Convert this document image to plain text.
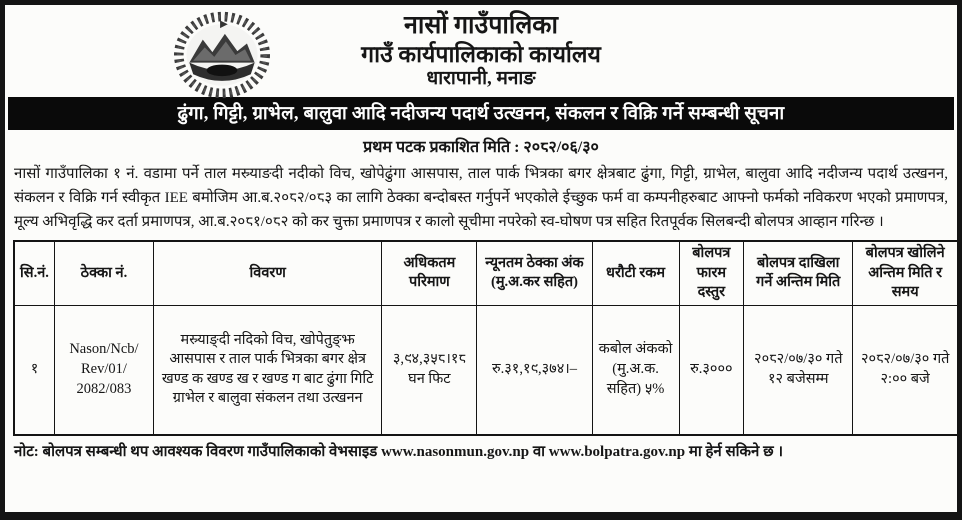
नासों गाउँपालिका
गाउँ कार्यपालिकाको कार्यालय
धारापानी, मनाङ
ढुंगा, गिट्टी, ग्राभेल, बालुवा आदि नदीजन्य पदार्थ उत्खनन, संकलन र विक्रि गर्ने सम्बन्धी सूचना
प्रथम पटक प्रकाशित मिति : २०८२/०६/३०
नासों गाउँपालिका १ नं. वडामा पर्ने ताल मस्र्याङदी नदीको विच, खोपेढुंगा आसपास, ताल पार्क भित्रका बगर क्षेत्रबाट ढुंगा, गिट्टी, ग्राभेल, बालुवा आदि नदीजन्य पदार्थ उत्खनन, संकलन र विक्रि गर्न स्वीकृत IEE बमोजिम आ.ब.२०८२/०८३ का लागि ठेक्का बन्दोबस्त गर्नुपर्ने भएकोले ईच्छुक फर्म वा कम्पनीहरुबाट आफ्नो फर्मको नविकरण भएको प्रमाणपत्र, मूल्य अभिवृद्धि कर दर्ता प्रमाणपत्र, आ.ब.२०८१/०८२ को कर चुक्ता प्रमाणपत्र र कालो सूचीमा नपरेको स्व-घोषण पत्र सहित रितपूर्वक सिलबन्दी बोलपत्र आव्हान गरिन्छ ।
सि.नं.	ठेक्का नं.	विवरण	अधिकतम परिमाण	न्यूनतम ठेक्का अंक (मु.अ.कर सहित)	धरौटी रकम	बोलपत्र फारम दस्तुर	बोलपत्र दाखिला गर्ने अन्तिम मिति	बोलपत्र खोलिने अन्तिम मिति र समय
१	Nason/Ncb/
Rev/01/
2082/083	मस्र्याङ्दी नदिको विच, खोपेतुङ्झ आसपास र ताल पार्क भित्रका बगर क्षेत्र खण्ड क खण्ड ख र खण्ड ग बाट ढुंगा गिटि ग्राभेल र बालुवा संकलन तथा उत्खनन	३,९४,३५८।१८ घन फिट	रु.३१,१९,३७४।–	कबोल अंकको (मु.अ.क. सहित) ५%	रु.३०००	२०८२/०७/३० गते १२ बजेसम्म	२०८२/०७/३० गते २:०० बजे
नोट: बोलपत्र सम्बन्धी थप आवश्यक विवरण गाउँपालिकाको वेभसाइड www.nasonmun.gov.np वा www.bolpatra.gov.np मा हेर्न सकिने छ ।
